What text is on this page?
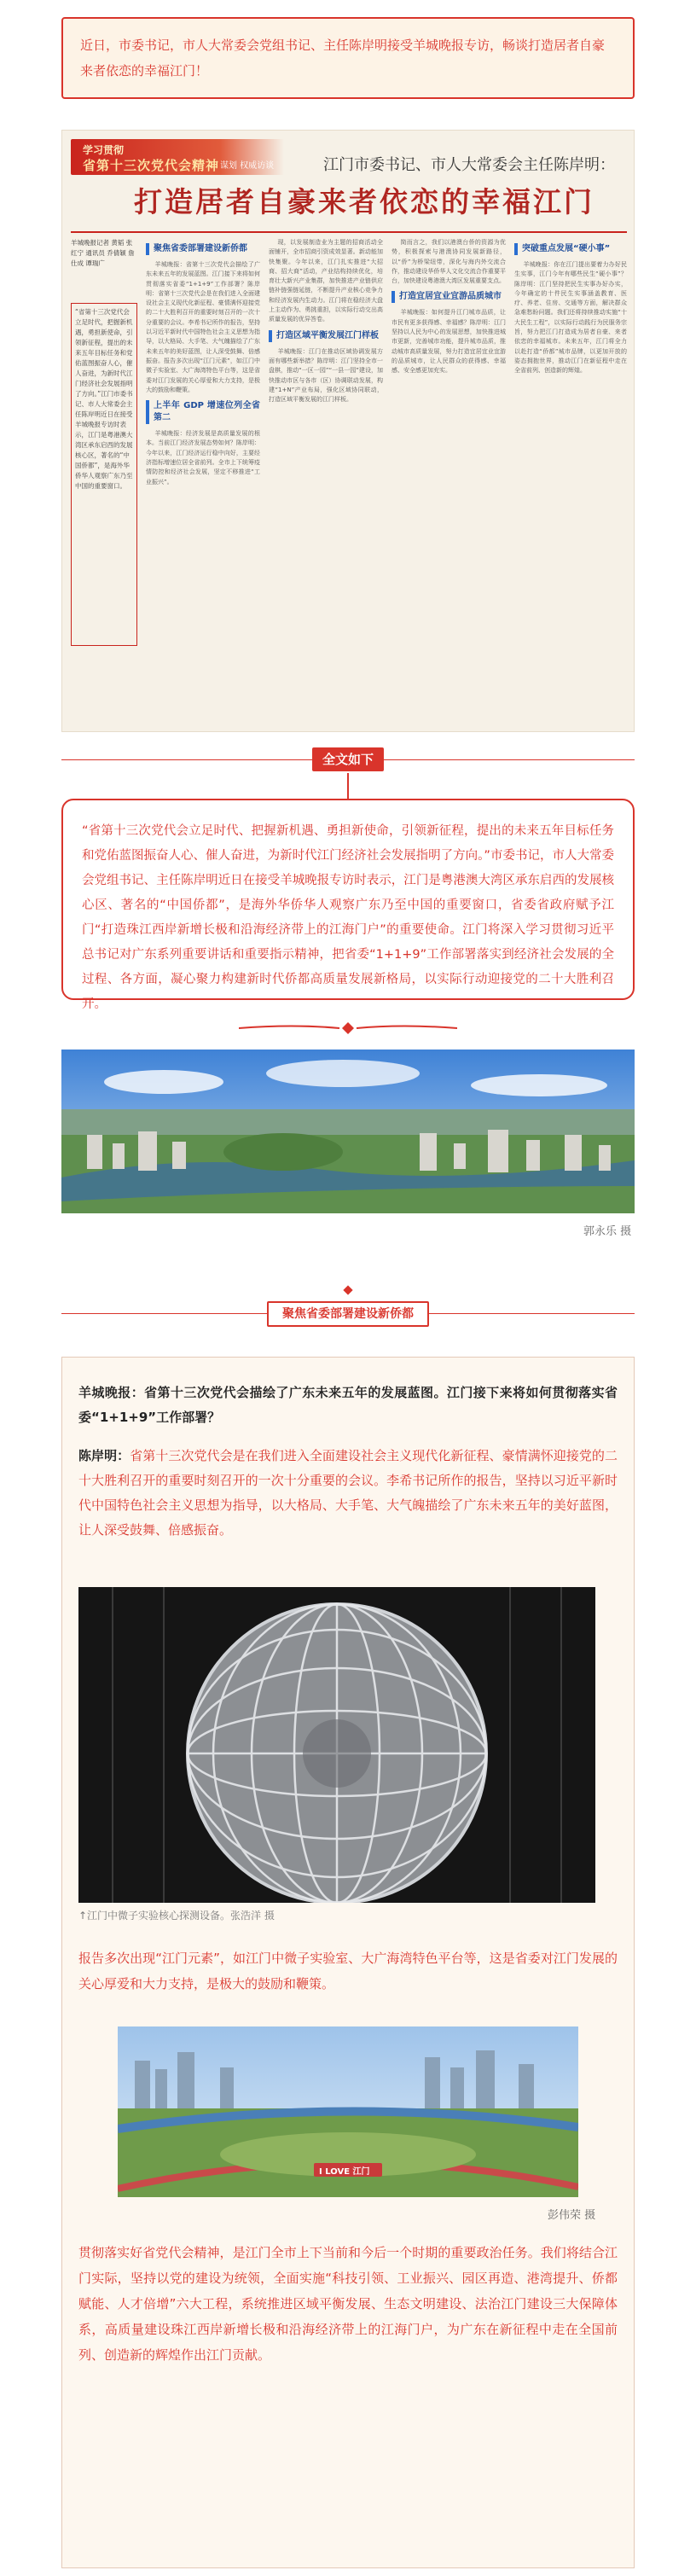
近日，市委书记，市人大常委会党组书记、主任陈岸明接受羊城晚报专访，畅谈打造居者自豪来者依恋的幸福江门！
学习贯彻
省第十三次党代会精神 谋划 权威访谈	江门市委书记、市人大常委会主任陈岸明：
打造居者自豪来者依恋的幸福江门
羊城晚报记者 黄韬 张红宁 通讯员 乔倩颖 詹仕成 谭瑞广
“省第十三次党代会立足时代，把握新机遇，勇担新使命，引领新征程，提出的未来五年目标任务和党佑蓝图振奋人心，催人奋进，为新时代江门经济社会发展指明了方向。”江门市委书记、市人大常委会主任陈岸明近日在接受羊城晚报专访时表示，江门是粤港澳大湾区承东启西的发展核心区，著名的“中国侨都”，是海外华侨华人观察广东乃至中国的重要窗口。
聚焦省委部署建设新侨都

羊城晚报：省第十三次党代会描绘了广东未来五年的发展蓝图。江门接下来将如何贯彻落实省委“1+1+9”工作部署？陈岸明：省第十三次党代会是在我们进入全面建设社会主义现代化新征程、豪情满怀迎接党的二十大胜利召开的重要时刻召开的一次十分重要的会议。李希书记所作的报告，坚持以习近平新时代中国特色社会主义思想为指导，以大格局、大手笔、大气魄描绘了广东未来五年的美好蓝图，让人深受鼓舞、倍感振奋。报告多次出现“江门元素”，如江门中微子实验室、大广海湾特色平台等，这是省委对江门发展的关心厚爱和大力支持，是极大的鼓励和鞭策。

上半年 GDP 增速位列全省第二

羊城晚报：经济发展是高质量发展的根本。当前江门经济发展态势如何？陈岸明：今年以来，江门经济运行稳中向好，主要经济指标增速位居全省前列。全市上下统筹疫情防控和经济社会发展，坚定不移推进“工业振兴”。

现，以发展制造业为主题的招商活动全面铺开，全市招商引资成效显著。新动能加快集聚。今年以来，江门扎实推进“大招商、招大商”活动，产业结构持续优化，培育壮大新兴产业集群，加快推进产业链供应链补链强链延链，不断提升产业核心竞争力和经济发展内生动力。江门将在稳经济大盘上主动作为、勇挑重担，以实际行动交出高质量发展的优异答卷。

打造区域平衡发展江门样板

羊城晚报：江门在推动区域协调发展方面有哪些新举措？陈岸明：江门坚持全市一盘棋，推动“一区一园”“一县一园”建设，加快推动市区与各市（区）协调联动发展，构建“1+N”产业布局，强化区域协同联动，打造区域平衡发展的江门样板。

简而言之，我们以港澳台侨的资源为优势，积极探索与港澳协同发展新路径，以“侨”为桥梁纽带，深化与海内外交流合作，推动建设华侨华人文化交流合作重要平台，加快建设粤港澳大湾区发展重要支点。

打造宜居宜业宜游品质城市

羊城晚报：如何提升江门城市品质，让市民有更多获得感、幸福感？陈岸明：江门坚持以人民为中心的发展思想，加快推进城市更新，完善城市功能，提升城市品质，推动城市高质量发展，努力打造宜居宜业宜游的品质城市，让人民群众的获得感、幸福感、安全感更加充实。

突破重点发展“硬小事”

羊城晚报：你在江门提出要着力办好民生实事，江门今年有哪些民生“硬小事”？陈岸明：江门坚持把民生实事办好办实，今年确定的十件民生实事涵盖教育、医疗、养老、住房、交通等方面，解决群众急难愁盼问题。我们还将持续推动实施“十大民生工程”，以实际行动践行为民服务宗旨，努力把江门打造成为居者自豪、来者依恋的幸福城市。未来五年，江门将全力以赴打造“侨都”城市品牌，以更加开放的姿态拥抱世界，推动江门在新征程中走在全省前列、创造新的辉煌。

全文如下
“省第十三次党代会立足时代、把握新机遇、勇担新使命，引领新征程，提出的未来五年目标任务和党佑蓝图振奋人心、催人奋进，为新时代江门经济社会发展指明了方向。”市委书记，市人大常委会党组书记、主任陈岸明近日在接受羊城晚报专访时表示，江门是粤港澳大湾区承东启西的发展核心区、著名的“中国侨都”，是海外华侨华人观察广东乃至中国的重要窗口，省委省政府赋予江门“打造珠江西岸新增长极和沿海经济带上的江海门户”的重要使命。江门将深入学习贯彻习近平总书记对广东系列重要讲话和重要指示精神，把省委“1+1+9”工作部署落实到经济社会发展的全过程、各方面，凝心聚力构建新时代侨都高质量发展新格局，以实际行动迎接党的二十大胜利召开。
郭永乐 摄
聚焦省委部署建设新侨都
羊城晚报：省第十三次党代会描绘了广东未来五年的发展蓝图。江门接下来将如何贯彻落实省委“1+1+9”工作部署？
陈岸明：省第十三次党代会是在我们进入全面建设社会主义现代化新征程、豪情满怀迎接党的二十大胜利召开的重要时刻召开的一次十分重要的会议。李希书记所作的报告，坚持以习近平新时代中国特色社会主义思想为指导，以大格局、大手笔、大气魄描绘了广东未来五年的美好蓝图，让人深受鼓舞、倍感振奋。
↑江门中微子实验核心探测设备。张浩洋 摄
报告多次出现“江门元素”，如江门中微子实验室、大广海湾特色平台等，这是省委对江门发展的关心厚爱和大力支持，是极大的鼓励和鞭策。
I LOVE 江门
彭伟荣 摄
贯彻落实好省党代会精神，是江门全市上下当前和今后一个时期的重要政治任务。我们将结合江门实际，坚持以党的建设为统领，全面实施“科技引领、工业振兴、园区再造、港湾提升、侨都赋能、人才倍增”六大工程，系统推进区域平衡发展、生态文明建设、法治江门建设三大保障体系，高质量建设珠江西岸新增长极和沿海经济带上的江海门户，为广东在新征程中走在全国前列、创造新的辉煌作出江门贡献。
